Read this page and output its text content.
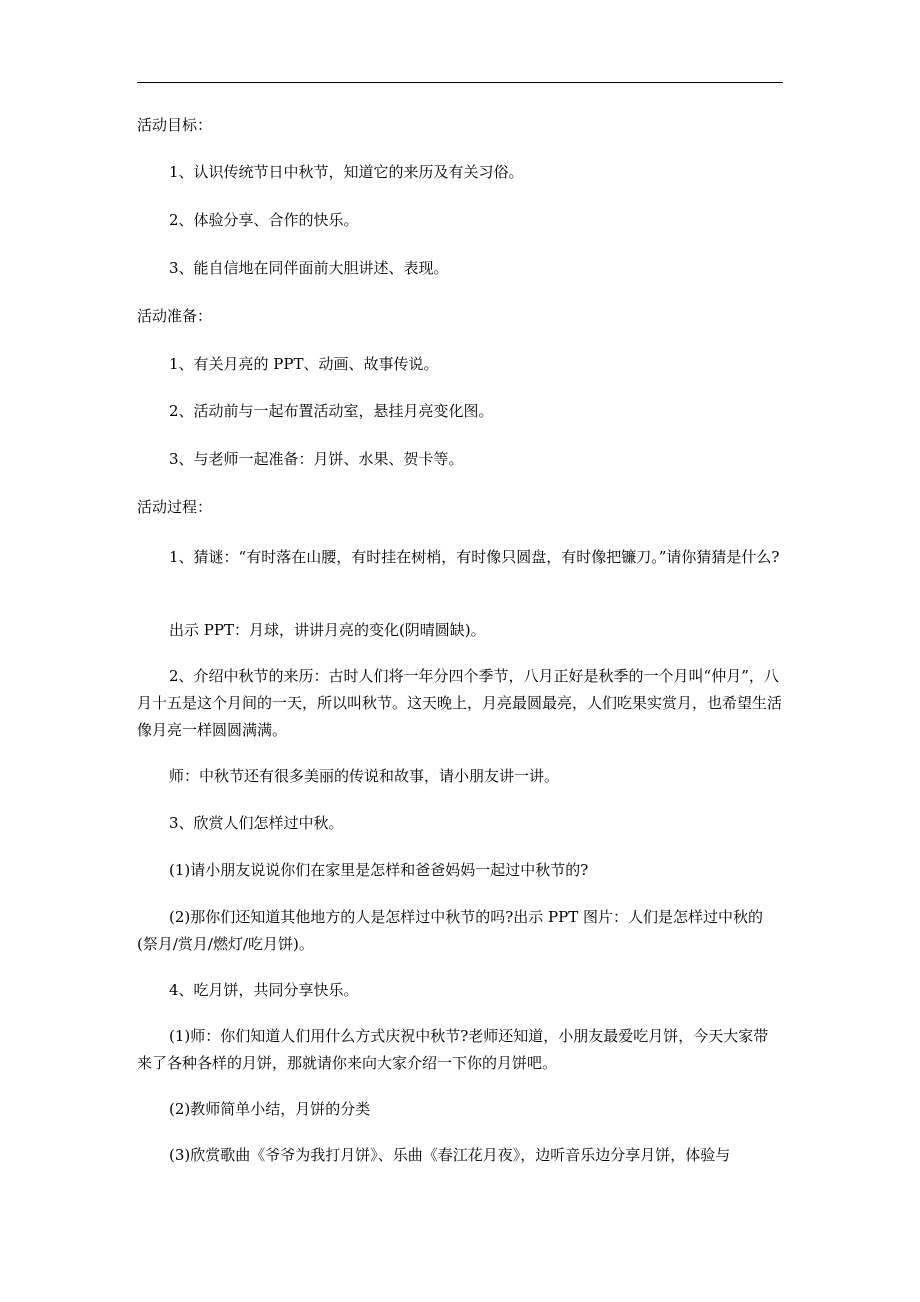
活动目标：

1、认识传统节日中秋节，知道它的来历及有关习俗。

2、体验分享、合作的快乐。

3、能自信地在同伴面前大胆讲述、表现。

活动准备：

1、有关月亮的 PPT、动画、故事传说。

2、活动前与一起布置活动室，悬挂月亮变化图。

3、与老师一起准备：月饼、水果、贺卡等。

活动过程：

1、猜谜：“有时落在山腰，有时挂在树梢，有时像只圆盘，有时像把镰刀。”请你猜猜是什么?

出示 PPT：月球，讲讲月亮的变化(阴晴圆缺)。

2、介绍中秋节的来历：古时人们将一年分四个季节，八月正好是秋季的一个月叫“仲月”，八月十五是这个月间的一天，所以叫秋节。这天晚上，月亮最圆最亮，人们吃果实赏月，也希望生活像月亮一样圆圆满满。

师：中秋节还有很多美丽的传说和故事，请小朋友讲一讲。

3、欣赏人们怎样过中秋。

(1)请小朋友说说你们在家里是怎样和爸爸妈妈一起过中秋节的?

(2)那你们还知道其他地方的人是怎样过中秋节的吗?出示 PPT 图片：人们是怎样过中秋的(祭月/赏月/燃灯/吃月饼)。

4、吃月饼，共同分享快乐。

(1)师：你们知道人们用什么方式庆祝中秋节?老师还知道，小朋友最爱吃月饼，今天大家带来了各种各样的月饼，那就请你来向大家介绍一下你的月饼吧。

(2)教师简单小结，月饼的分类

(3)欣赏歌曲《爷爷为我打月饼》、乐曲《春江花月夜》，边听音乐边分享月饼，体验与
